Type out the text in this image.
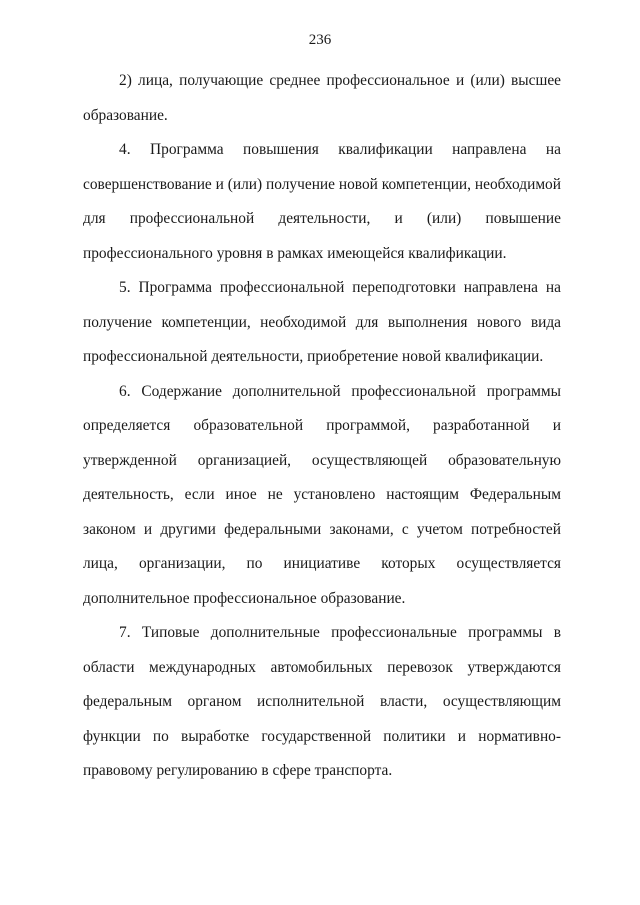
236

2) лица, получающие среднее профессиональное и (или) высшее образование.

4. Программа повышения квалификации направлена на совершенствование и (или) получение новой компетенции, необходимой для профессиональной деятельности, и (или) повышение профессионального уровня в рамках имеющейся квалификации.

5. Программа профессиональной переподготовки направлена на получение компетенции, необходимой для выполнения нового вида профессиональной деятельности, приобретение новой квалификации.

6. Содержание дополнительной профессиональной программы определяется образовательной программой, разработанной и утвержденной организацией, осуществляющей образовательную деятельность, если иное не установлено настоящим Федеральным законом и другими федеральными законами, с учетом потребностей лица, организации, по инициативе которых осуществляется дополнительное профессиональное образование.

7. Типовые дополнительные профессиональные программы в области международных автомобильных перевозок утверждаются федеральным органом исполнительной власти, осуществляющим функции по выработке государственной политики и нормативно-правовому регулированию в сфере транспорта.
